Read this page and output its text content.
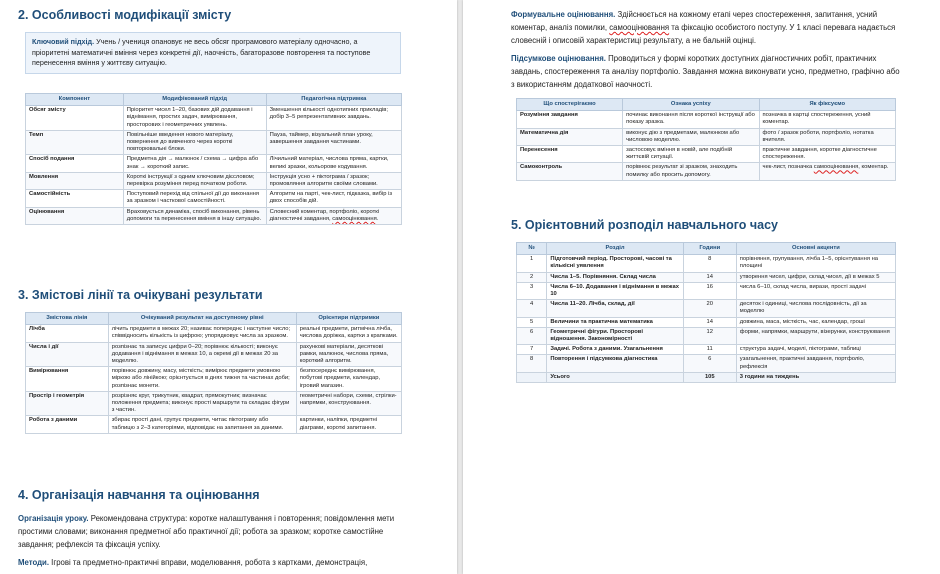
2. Особливості модифікації змісту
Ключовий підхід. Учень / учениця опановує не весь обсяг програмового матеріалу одночасно, а пріоритетні математичні вміння через конкретні дії, наочність, багаторазове повторення та поступове перенесення вміння у життєву ситуацію.
Компонент	Модифікований підхід	Педагогічна підтримка
Обсяг змісту	Пріоритет чисел 1–20, базових дій додавання і віднімання, простих задач, вимірювання, просторових і геометричних уявлень.	Зменшення кількості однотипних прикладів; добір 3–5 репрезентативних завдань.
Темп	Повільніше введення нового матеріалу, повернення до вивченого через короткі повторювальні блоки.	Пауза, таймер, візуальний план уроку, завершення завдання частинами.
Спосіб подання	Предметна дія → малюнок / схема → цифра або знак → короткий запис.	Лічильний матеріал, числова пряма, картки, великі зразки, кольорове кодування.
Мовлення	Короткі інструкції з одним ключовим дієсловом; перевірка розуміння перед початком роботи.	Інструкція усно + піктограма / зразок; промовляння алгоритм своїми словами.
Самостійність	Поступовий перехід від спільної дії до виконання за зразком і часткової самостійності.	Алгоритм на парті, чек-лист, підказка, вибір із двох способів дій.
Оцінювання	Враховується динаміка, спосіб виконання, рівень допомоги та перенесення вміння в іншу ситуацію.	Словесний коментар, портфоліо, короткі діагностичні завдання, самооцінювання.
3. Змістові лінії та очікувані результати
Змістова лінія	Очікуваний результат на доступному рівні	Орієнтири підтримки
Лічба	лічить предмети в межах 20; називає попереднє і наступне число; співвідносить кількість із цифрою; упорядковує числа за зразком.	реальні предмети, ритмічна лічба, числова доріжка, картки з крапками.
Числа і дії	розпізнає та записує цифри 0–20; порівнює кількості; виконує додавання і віднімання в межах 10, а окремі дії в межах 20 за моделлю.	рахункові матеріали, десяткові рамки, малюнок, числова пряма, короткий алгоритм.
Вимірювання	порівнює довжину, масу, місткість; вимірює предмети умовною міркою або лінійкою; орієнтується в днях тижня та частинах доби; розпізнає монети.	безпосереднє вимірювання, побутові предмети, календар, ігровий магазин.
Простір і геометрія	розрізняє круг, трикутник, квадрат, прямокутник; визначає положення предмета; виконує прості маршрути та складає фігури з частин.	геометричні набори, схеми, стрілки-напрямки, конструювання.
Робота з даними	збирає прості дані, групує предмети, читає піктограму або таблицю з 2–3 категоріями, відповідає на запитання за даними.	картинки, наліпки, предметні діаграми, короткі запитання.
4. Організація навчання та оцінювання
Організація уроку. Рекомендована структура: коротке налаштування і повторення; повідомлення мети простими словами; виконання предметної або практичної дії; робота за зразком; коротке самостійне завдання; рефлексія та фіксація успіху.
Методи. Ігрові та предметно-практичні вправи, моделювання, робота з картками, демонстрація,
Формувальне оцінювання. Здійснюється на кожному етапі через спостереження, запитання, усний коментар, аналіз помилки, самооцінювання та фіксацію особистого поступу. У 1 класі перевага надається словесній і описовій характеристиці результату, а не бальній оцінці.
Підсумкове оцінювання. Проводиться у формі коротких доступних діагностичних робіт, практичних завдань, спостереження та аналізу портфоліо. Завдання можна виконувати усно, предметно, графічно або з використанням додаткової наочності.
Що спостерігаємо	Ознака успіху	Як фіксуємо
Розуміння завдання	починає виконання після короткої інструкції або показу зразка.	позначка в картці спостереження, усний коментар.
Математична дія	виконує дію з предметами, малюнком або числовою моделлю.	фото / зразок роботи, портфоліо, нотатка вчителя.
Перенесення	застосовує вміння в новій, але подібній життєвій ситуації.	практичне завдання, коротке діагностичне спостереження.
Самоконтроль	порівнює результат зі зразком, знаходить помилку або просить допомогу.	чек-лист, позначка самооцінювання, коментар.
5. Орієнтовний розподіл навчального часу
№	Розділ	Години	Основні акценти
1	Підготовчий період. Просторові, часові та кількісні уявлення	8	порівняння, групування, лічба 1–5, орієнтування на площині
2	Числа 1–5. Порівняння. Склад числа	14	утворення чисел, цифри, склад чисел, дії в межах 5
3	Числа 6–10. Додавання і віднімання в межах 10	16	числа 6–10, склад числа, вирази, прості задачі
4	Числа 11–20. Лічба, склад, дії	20	десяток і одиниці, числова послідовність, дії за моделлю
5	Величини та практична математика	14	довжина, маса, місткість, час, календар, гроші
6	Геометричні фігури. Просторові відношення. Закономірності	12	форми, напрямки, маршрути, візерунки, конструювання
7	Задачі. Робота з даними. Узагальнення	11	структура задачі, моделі, піктограми, таблиці
8	Повторення і підсумкова діагностика	6	узагальнення, практичні завдання, портфоліо, рефлексія
	Усього	105	3 години на тиждень
